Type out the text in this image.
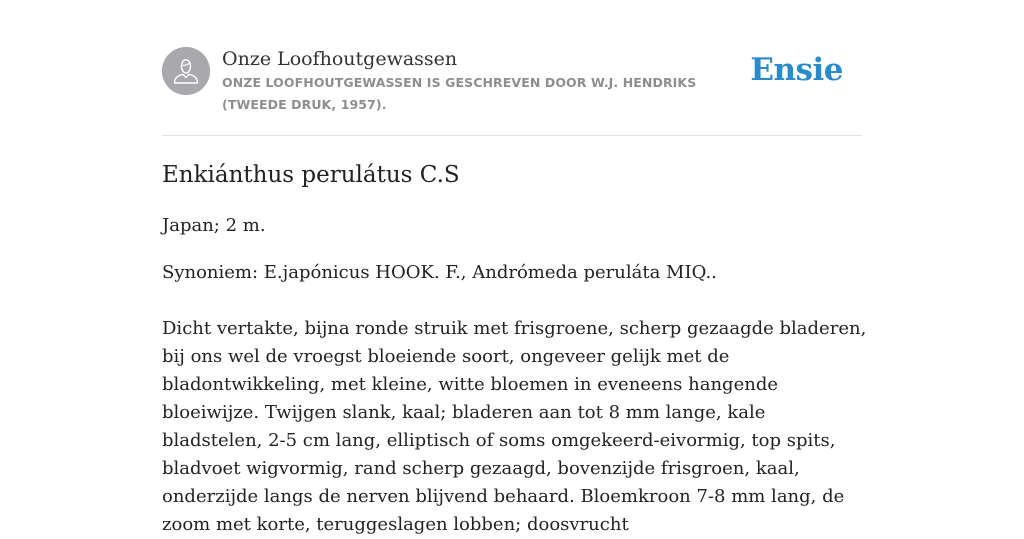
Onze Loofhoutgewassen
ONZE LOOFHOUTGEWASSEN IS GESCHREVEN DOOR W.J. HENDRIKS (TWEEDE DRUK, 1957).
Ensie
Enkiánthus perulátus C.S

Japan; 2 m.

Synoniem: E.japónicus HOOK. F., Andrómeda peruláta MIQ..

Dicht vertakte, bijna ronde struik met frisgroene, scherp gezaagde bladeren, bij ons wel de vroegst bloeiende soort, ongeveer gelijk met de bladontwikkeling, met kleine, witte bloemen in eveneens hangende bloeiwijze. Twijgen slank, kaal; bladeren aan tot 8 mm lange, kale bladstelen, 2-5 cm lang, elliptisch of soms omgekeerd-eivormig, top spits, bladvoet wigvormig, rand scherp gezaagd, bovenzijde frisgroen, kaal, onderzijde langs de nerven blijvend behaard. Bloemkroon 7-8 mm lang, de zoom met korte, teruggeslagen lobben; doosvrucht
